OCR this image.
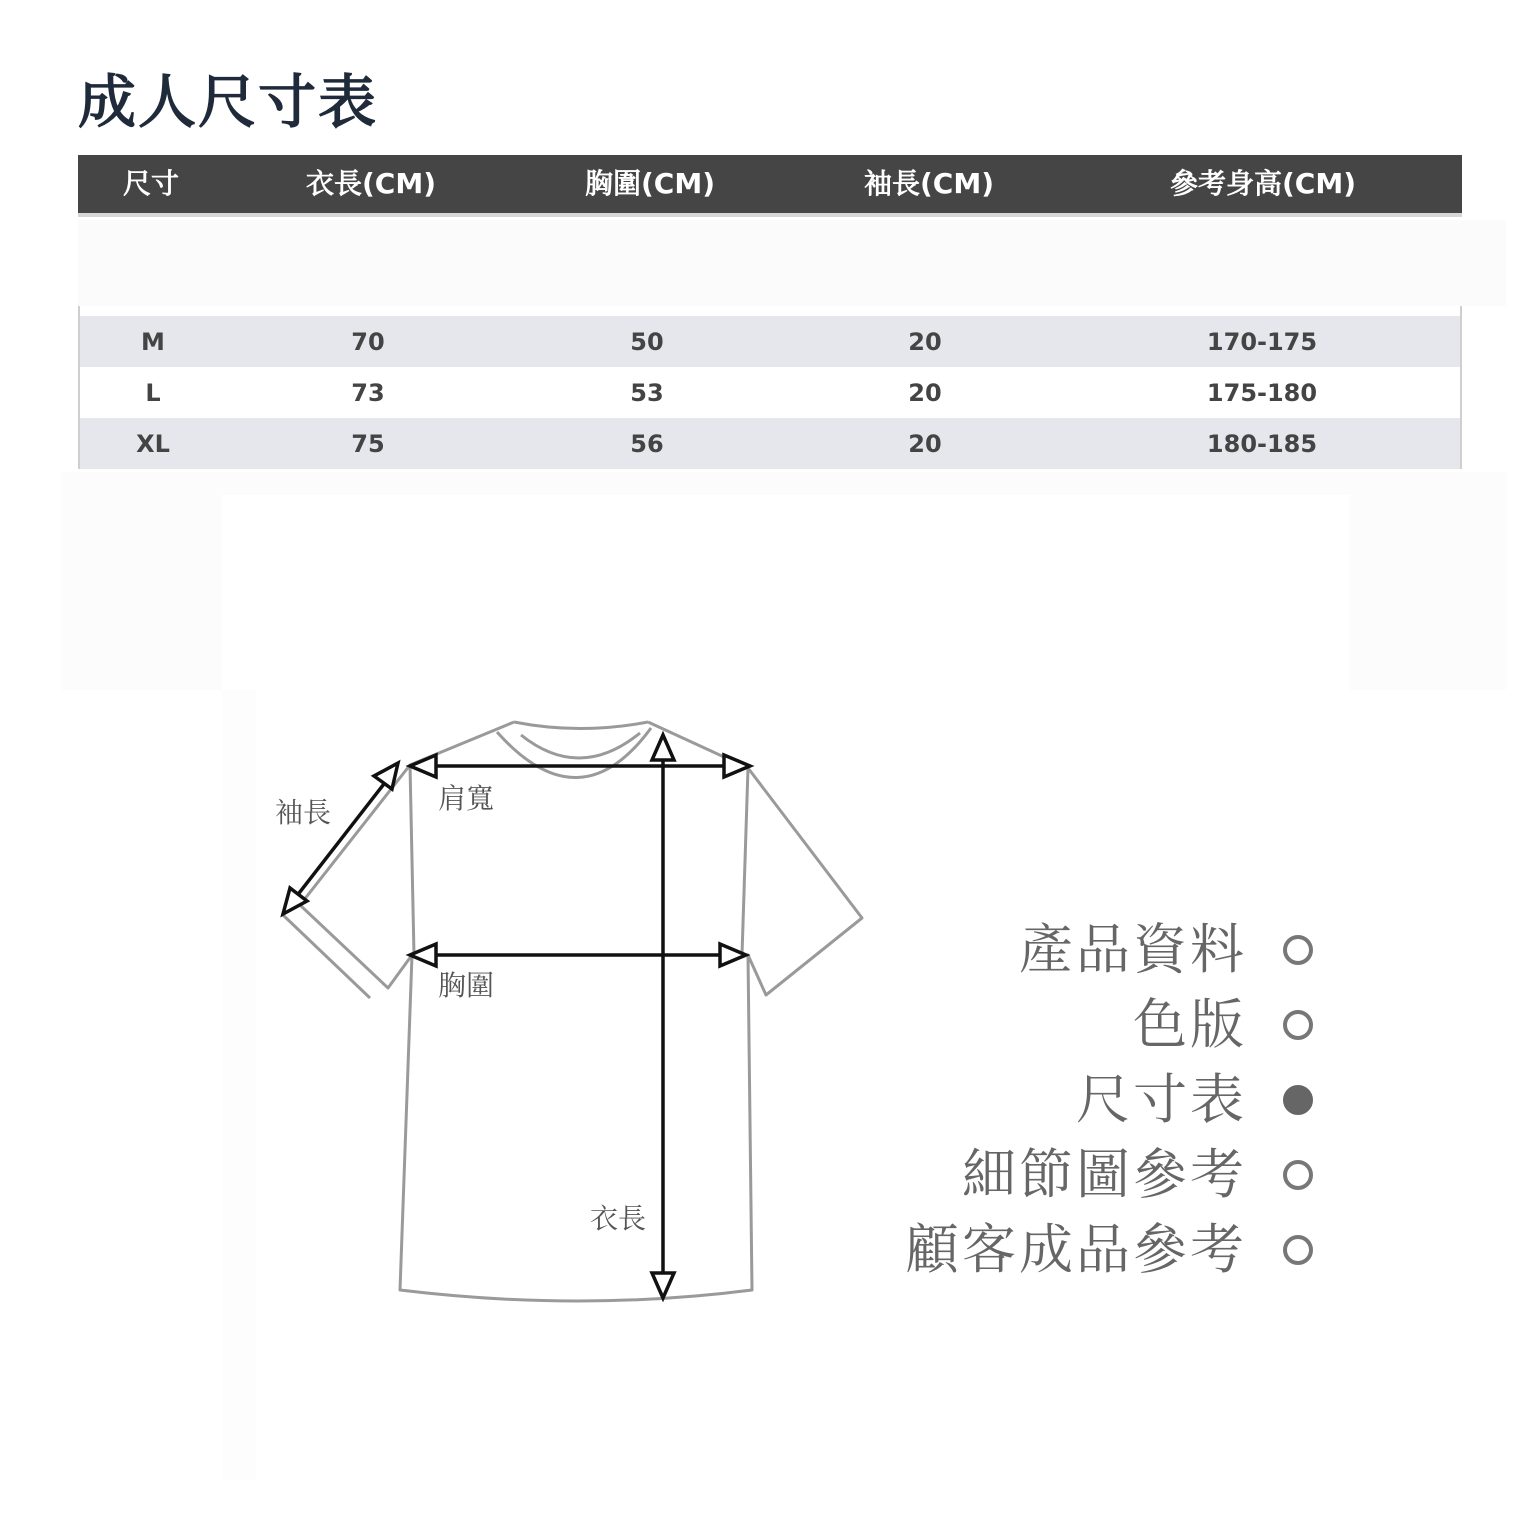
成人尺寸表
尺寸	衣長(CM)	胸圍(CM)	袖長(CM)	參考身高(CM)
M	70	50	20	170-175
L	73	53	20	175-180
XL	75	56	20	180-185
袖長	肩寬
胸圍
衣長
產品資料
色版
尺寸表
細節圖參考
顧客成品參考
